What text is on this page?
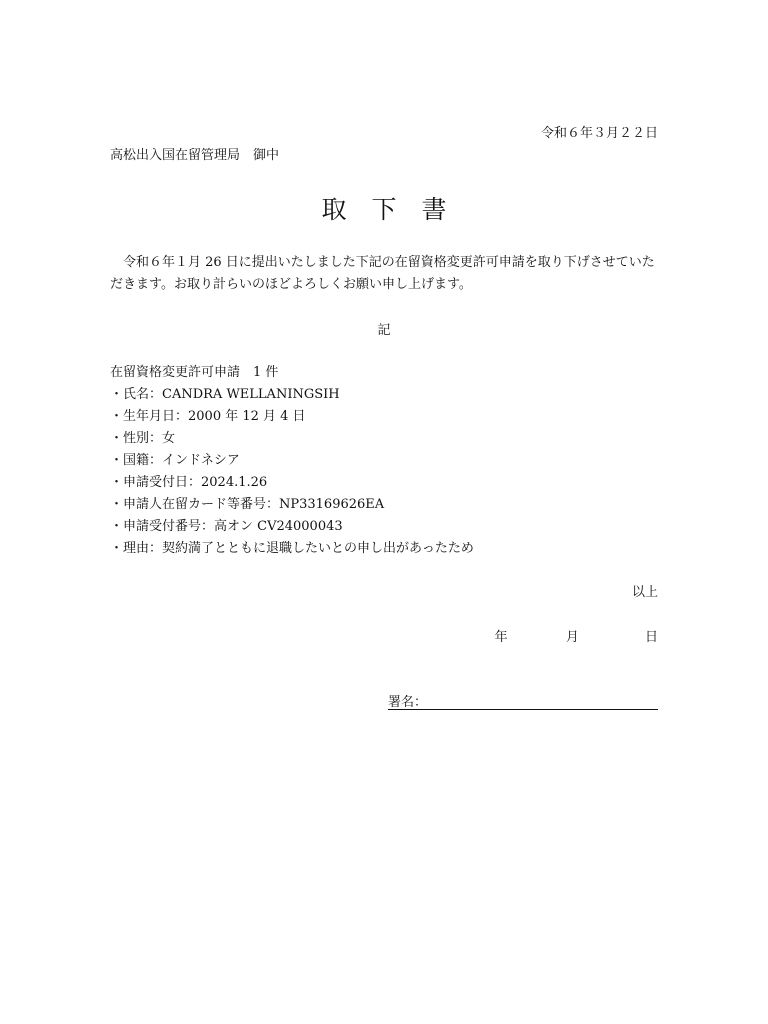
令和６年３月２２日
高松出入国在留管理局　御中
取　下　書
令和６年１月 26 日に提出いたしました下記の在留資格変更許可申請を取り下げさせていただきます。お取り計らいのほどよろしくお願い申し上げます。
記
在留資格変更許可申請　1 件
・氏名：CANDRA WELLANINGSIH
・生年月日：2000 年 12 月 4 日
・性別：女
・国籍：インドネシア
・申請受付日：2024.1.26
・申請人在留カード等番号：NP33169626EA
・申請受付番号：高オン CV24000043
・理由：契約満了とともに退職したいとの申し出があったため
以上
年	月	日
署名：
